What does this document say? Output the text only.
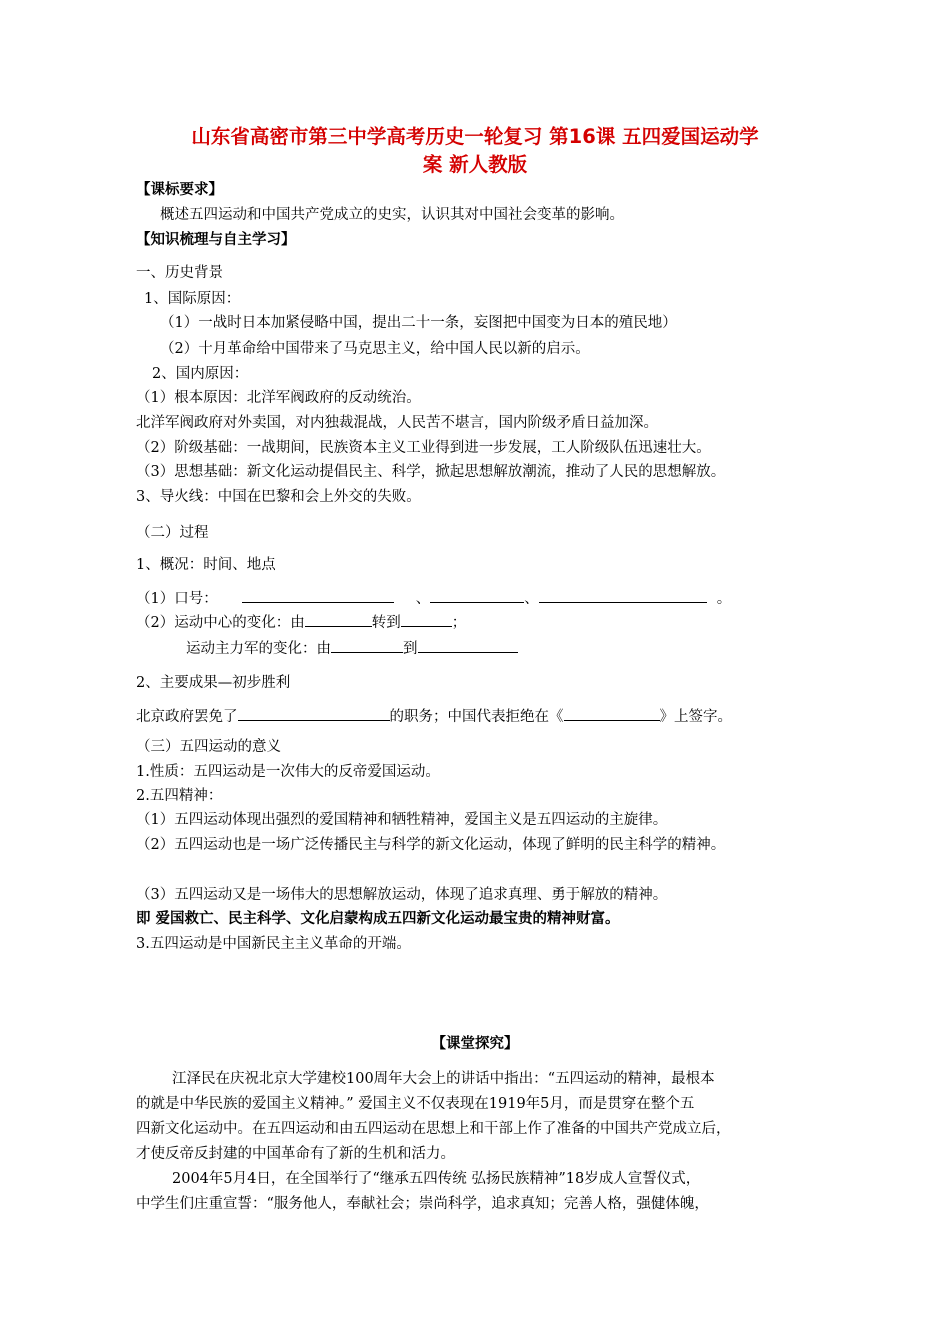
山东省高密市第三中学高考历史一轮复习 第16课 五四爱国运动学
案 新人教版
【课标要求】
概述五四运动和中国共产党成立的史实，认识其对中国社会变革的影响。
【知识梳理与自主学习】
一、历史背景
1、国际原因：
（1）一战时日本加紧侵略中国，提出二十一条，妄图把中国变为日本的殖民地）
（2）十月革命给中国带来了马克思主义，给中国人民以新的启示。
2、国内原因：
（1）根本原因：北洋军阀政府的反动统治。
北洋军阀政府对外卖国，对内独裁混战，人民苦不堪言，国内阶级矛盾日益加深。
（2）阶级基础：一战期间，民族资本主义工业得到进一步发展，工人阶级队伍迅速壮大。
（3）思想基础：新文化运动提倡民主、科学，掀起思想解放潮流，推动了人民的思想解放。
3、导火线：中国在巴黎和会上外交的失败。
（二）过程
1、概况：时间、地点
（1）口号：	、	、	。
（2）运动中心的变化：由	转到	；
运动主力军的变化：由	到
2、主要成果—初步胜利
北京政府罢免了	的职务；中国代表拒绝在《	》上签字。
（三）五四运动的意义
1.性质：五四运动是一次伟大的反帝爱国运动。
2.五四精神：
（1）五四运动体现出强烈的爱国精神和牺牲精神，爱国主义是五四运动的主旋律。
（2）五四运动也是一场广泛传播民主与科学的新文化运动，体现了鲜明的民主科学的精神。
（3）五四运动又是一场伟大的思想解放运动，体现了追求真理、勇于解放的精神。
即 爱国救亡、民主科学、文化启蒙构成五四新文化运动最宝贵的精神财富。
3.五四运动是中国新民主主义革命的开端。
【课堂探究】
江泽民在庆祝北京大学建校100周年大会上的讲话中指出：“五四运动的精神，最根本
的就是中华民族的爱国主义精神。” 爱国主义不仅表现在1919年5月，而是贯穿在整个五
四新文化运动中。在五四运动和由五四运动在思想上和干部上作了准备的中国共产党成立后，
才使反帝反封建的中国革命有了新的生机和活力。
2004年5月4日，在全国举行了“继承五四传统 弘扬民族精神”18岁成人宣誓仪式，
中学生们庄重宣誓：“服务他人，奉献社会；崇尚科学，追求真知；完善人格，强健体魄，
